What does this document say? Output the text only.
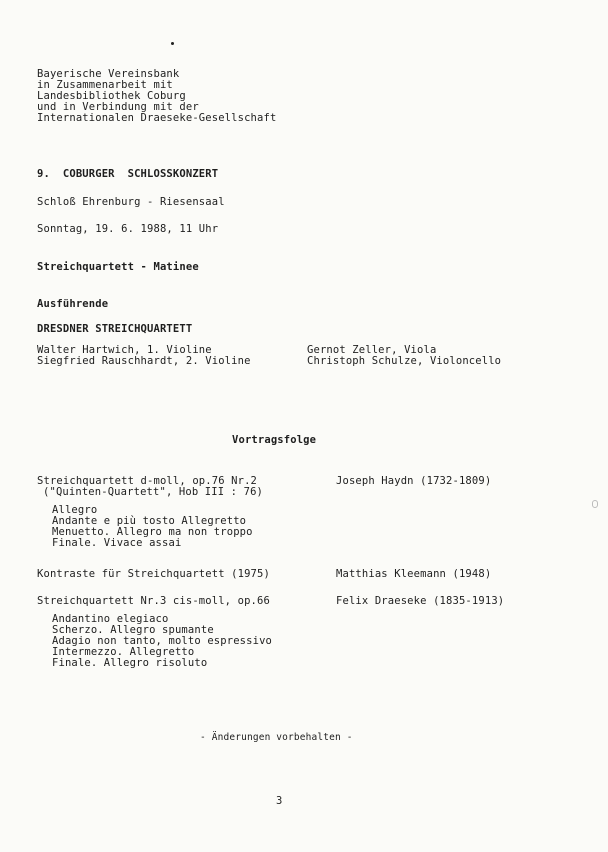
Bayerische Vereinsbank
in Zusammenarbeit mit
Landesbibliothek Coburg
und in Verbindung mit der
Internationalen Draeseke-Gesellschaft
9.  COBURGER  SCHLOSSKONZERT
Schloß Ehrenburg - Riesensaal
Sonntag, 19. 6. 1988, 11 Uhr
Streichquartett - Matinee
Ausführende
DRESDNER STREICHQUARTETT
Walter Hartwich, 1. Violine	Gernot Zeller, Viola
Siegfried Rauschhardt, 2. Violine	Christoph Schulze, Violoncello
Vortragsfolge
Streichquartett d-moll, op.76 Nr.2	Joseph Haydn (1732-1809)
("Quinten-Quartett", Hob III : 76)
Allegro
Andante e più tosto Allegretto
Menuetto. Allegro ma non troppo
Finale. Vivace assai
Kontraste für Streichquartett (1975)	Matthias Kleemann (1948)
Streichquartett Nr.3 cis-moll, op.66	Felix Draeseke (1835-1913)
Andantino elegiaco
Scherzo. Allegro spumante
Adagio non tanto, molto espressivo
Intermezzo. Allegretto
Finale. Allegro risoluto
- Änderungen vorbehalten -
3
